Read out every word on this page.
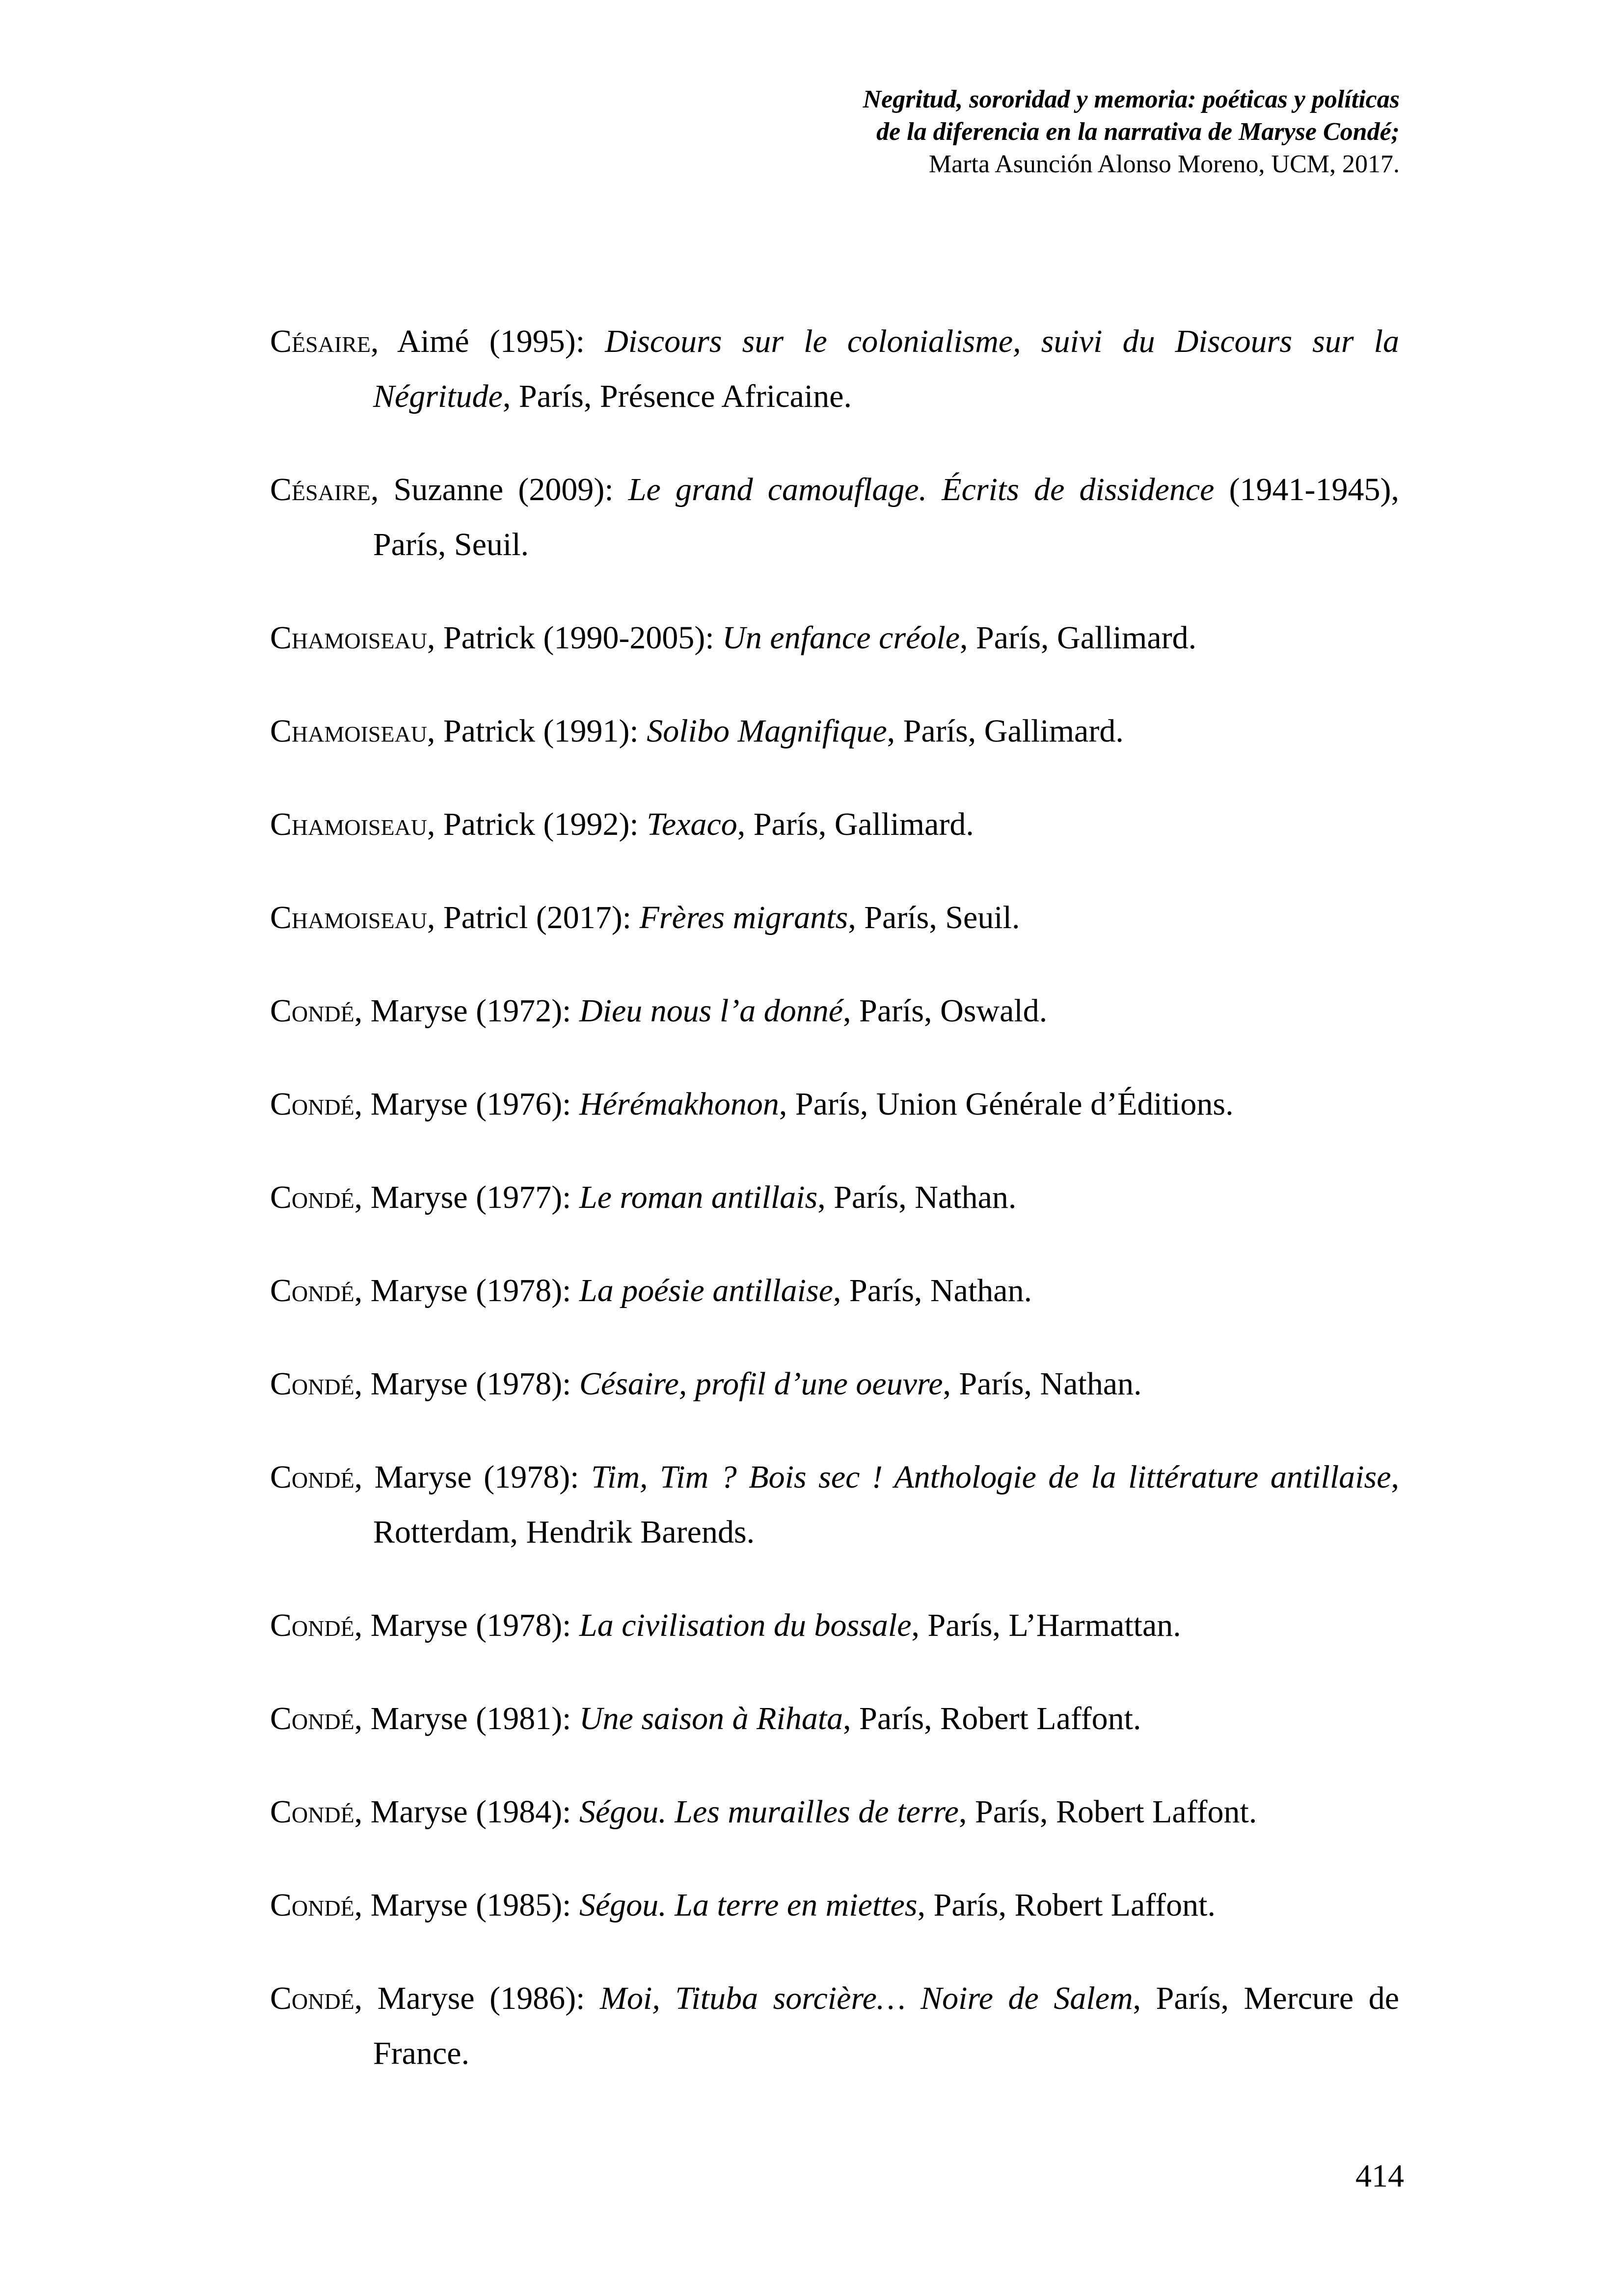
Negritud, sororidad y memoria: poéticas y políticas
de la diferencia en la narrativa de Maryse Condé;
Marta Asunción Alonso Moreno, UCM, 2017.

Césaire, Aimé (1995): Discours sur le colonialisme, suivi du Discours sur la Négritude, París, Présence Africaine.

Césaire, Suzanne (2009): Le grand camouflage. Écrits de dissidence (1941-1945), París, Seuil.

Chamoiseau, Patrick (1990-2005): Un enfance créole, París, Gallimard.

Chamoiseau, Patrick (1991): Solibo Magnifique, París, Gallimard.

Chamoiseau, Patrick (1992): Texaco, París, Gallimard.

Chamoiseau, Patricl (2017): Frères migrants, París, Seuil.

Condé, Maryse (1972): Dieu nous l’a donné, París, Oswald.

Condé, Maryse (1976): Hérémakhonon, París, Union Générale d’Éditions.

Condé, Maryse (1977): Le roman antillais, París, Nathan.

Condé, Maryse (1978): La poésie antillaise, París, Nathan.

Condé, Maryse (1978): Césaire, profil d’une oeuvre, París, Nathan.

Condé, Maryse (1978): Tim, Tim ? Bois sec ! Anthologie de la littérature antillaise, Rotterdam, Hendrik Barends.

Condé, Maryse (1978): La civilisation du bossale, París, L’Harmattan.

Condé, Maryse (1981): Une saison à Rihata, París, Robert Laffont.

Condé, Maryse (1984): Ségou. Les murailles de terre, París, Robert Laffont.

Condé, Maryse (1985): Ségou. La terre en miettes, París, Robert Laffont.

Condé, Maryse (1986): Moi, Tituba sorcière… Noire de Salem, París, Mercure de France.

414
